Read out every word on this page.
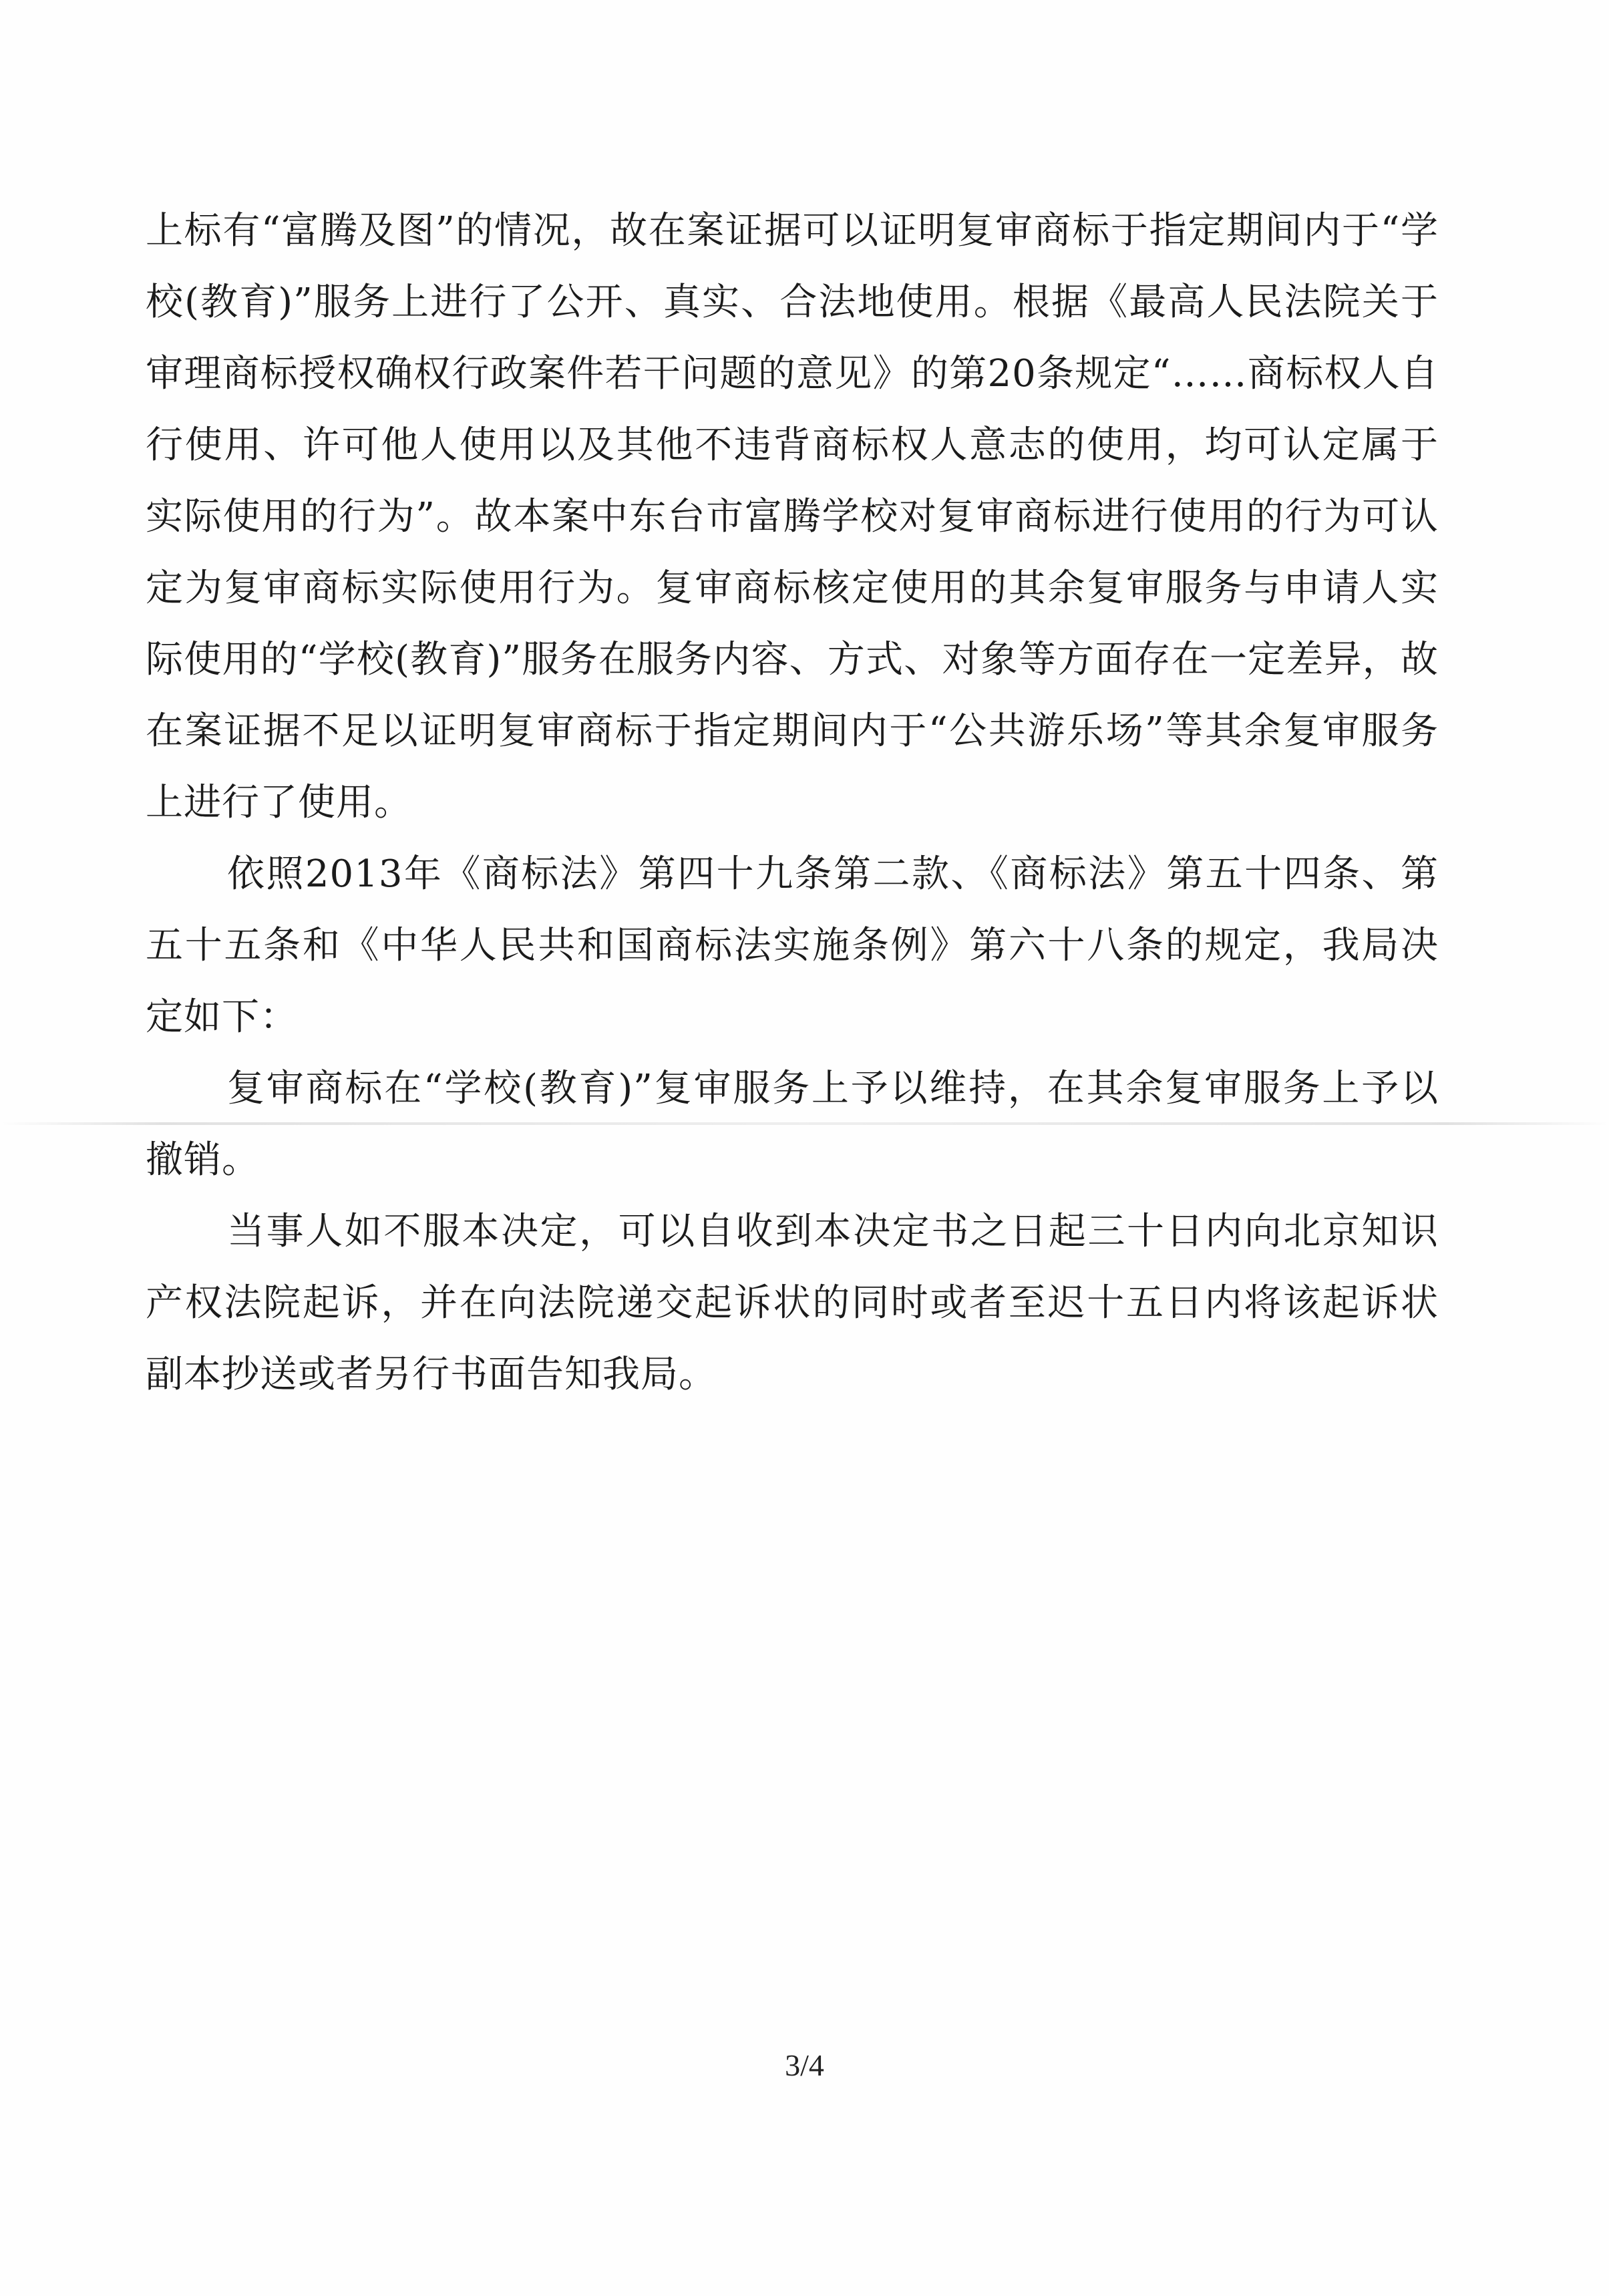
上标有“富腾及图”的情况，故在案证据可以证明复审商标于指定期间内于“学校(教育)”服务上进行了公开、真实、合法地使用。根据《最高人民法院关于审理商标授权确权行政案件若干问题的意见》的第20条规定“……商标权人自行使用、许可他人使用以及其他不违背商标权人意志的使用，均可认定属于实际使用的行为”。故本案中东台市富腾学校对复审商标进行使用的行为可认定为复审商标实际使用行为。复审商标核定使用的其余复审服务与申请人实际使用的“学校(教育)”服务在服务内容、方式、对象等方面存在一定差异，故在案证据不足以证明复审商标于指定期间内于“公共游乐场”等其余复审服务上进行了使用。

依照2013年《商标法》第四十九条第二款、《商标法》第五十四条、第五十五条和《中华人民共和国商标法实施条例》第六十八条的规定，我局决定如下：

复审商标在“学校(教育)”复审服务上予以维持，在其余复审服务上予以撤销。

当事人如不服本决定，可以自收到本决定书之日起三十日内向北京知识产权法院起诉，并在向法院递交起诉状的同时或者至迟十五日内将该起诉状副本抄送或者另行书面告知我局。

3/4
